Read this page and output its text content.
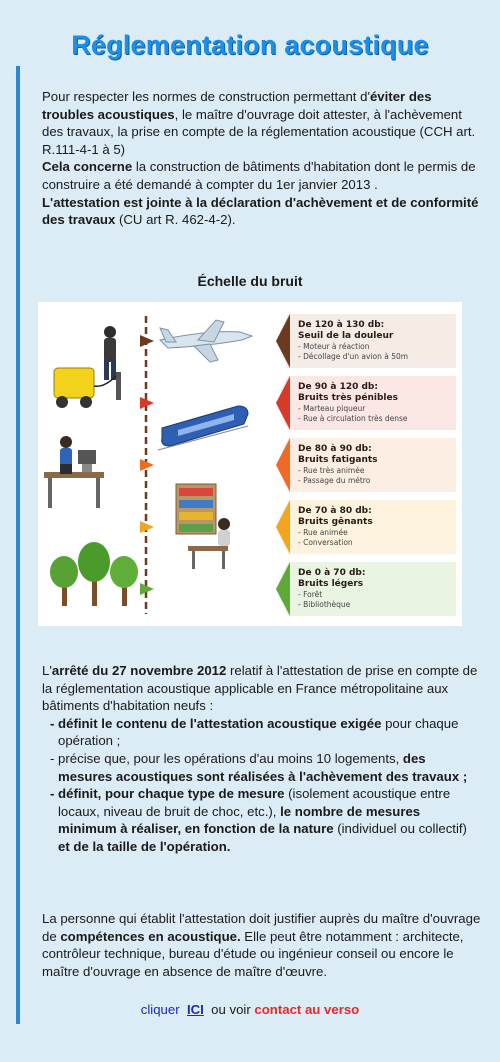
Réglementation acoustique
Pour respecter les normes de construction permettant d'éviter des troubles acoustiques, le maître d'ouvrage doit attester, à l'achèvement des travaux, la prise en compte de la réglementation acoustique (CCH art. R.111-4-1 à 5)
Cela concerne la construction de bâtiments d'habitation dont le permis de construire a été demandé à compter du 1er janvier 2013 .
L'attestation est jointe à la déclaration d'achèvement et de conformité des travaux (CU art R. 462-4-2).
Échelle du bruit
De 120 à 130 db:
Seuil de la douleur
- Moteur à réaction
- Décollage d'un avion à 50m
De 90 à 120 db:
Bruits très pénibles
- Marteau piqueur
- Rue à circulation très dense
De 80 à 90 db:
Bruits fatigants
- Rue très animée
- Passage du métro
De 70 à 80 db:
Bruits gênants
- Rue animée
- Conversation
De 0 à 70 db:
Bruits légers
- Forêt
- Bibliothèque
L'arrêté du 27 novembre 2012 relatif à l'attestation de prise en compte de la réglementation acoustique applicable en France métropolitaine aux bâtiments d'habitation neufs :
- définit le contenu de l'attestation acoustique exigée pour chaque opération ;
- précise que, pour les opérations d'au moins 10 logements, des mesures acoustiques sont réalisées à l'achèvement des travaux ;
- définit, pour chaque type de mesure (isolement acoustique entre locaux, niveau de bruit de choc, etc.), le nombre de mesures minimum à réaliser, en fonction de la nature (individuel ou collectif) et de la taille de l'opération.
La personne qui établit l'attestation doit justifier auprès du maître d'ouvrage de compétences en acoustique. Elle peut être notamment : architecte, contrôleur technique, bureau d'étude ou ingénieur conseil ou encore le maître d'ouvrage en absence de maître d'œuvre.
cliquer ICI ou voir contact au verso
